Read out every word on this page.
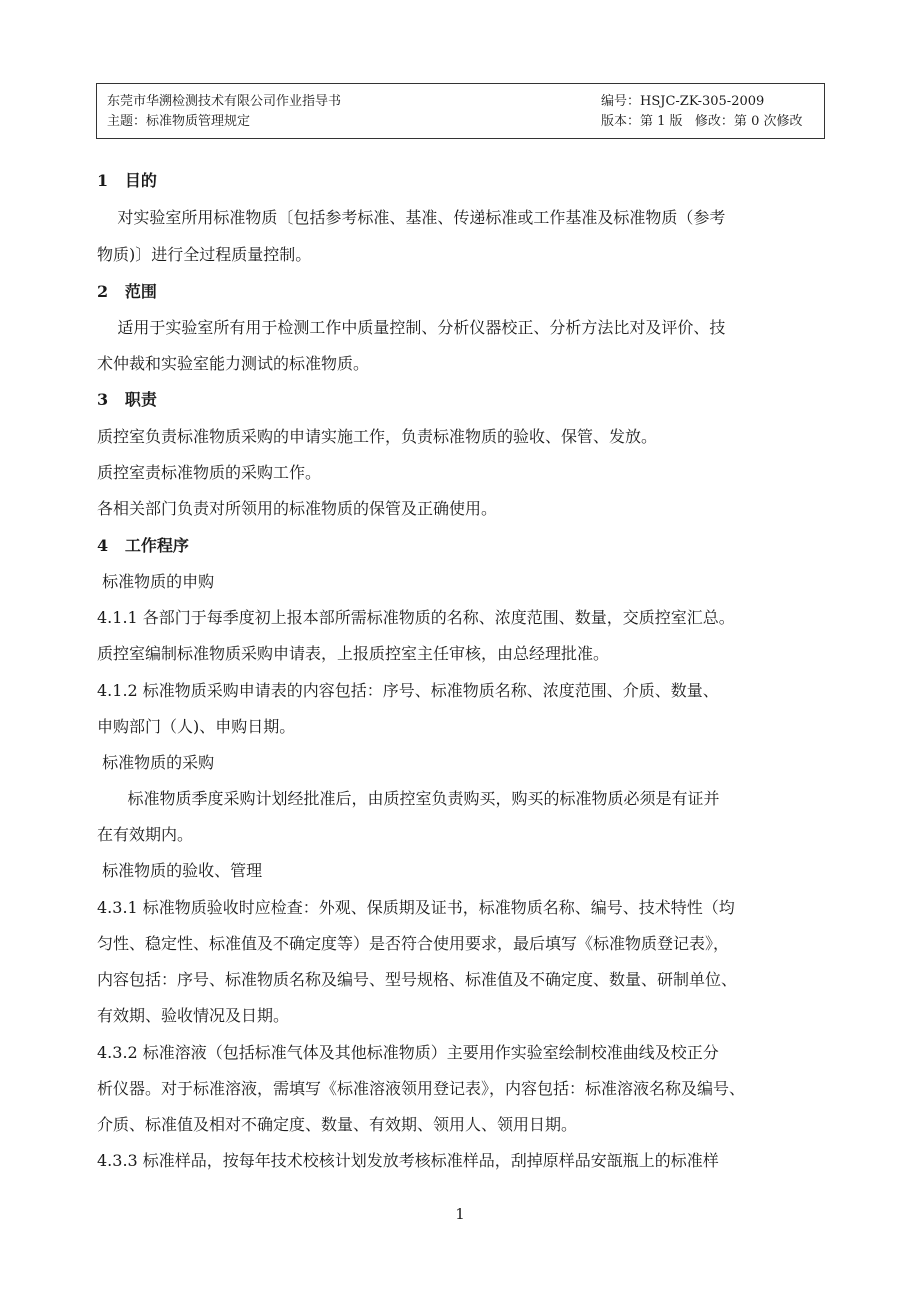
东莞市华溯检测技术有限公司作业指导书	编号：HSJC-ZK-305-2009
主题：标准物质管理规定	版本：第 1 版   修改：第 0 次修改
1   目的
对实验室所用标准物质〔包括参考标准、基准、传递标准或工作基准及标准物质（参考
物质)〕进行全过程质量控制。
2   范围
适用于实验室所有用于检测工作中质量控制、分析仪器校正、分析方法比对及评价、技
术仲裁和实验室能力测试的标准物质。
3   职责
质控室负责标准物质采购的申请实施工作，负责标准物质的验收、保管、发放。
质控室责标准物质的采购工作。
各相关部门负责对所领用的标准物质的保管及正确使用。
4   工作程序
标准物质的申购
4.1.1 各部门于每季度初上报本部所需标准物质的名称、浓度范围、数量，交质控室汇总。
质控室编制标准物质采购申请表，上报质控室主任审核，由总经理批准。
4.1.2 标准物质采购申请表的内容包括：序号、标准物质名称、浓度范围、介质、数量、
申购部门（人)、申购日期。
标准物质的采购
标准物质季度采购计划经批准后，由质控室负责购买，购买的标准物质必须是有证并
在有效期内。
标准物质的验收、管理
4.3.1 标准物质验收时应检查：外观、保质期及证书，标准物质名称、编号、技术特性（均
匀性、稳定性、标准值及不确定度等）是否符合使用要求，最后填写《标准物质登记表》，
内容包括：序号、标准物质名称及编号、型号规格、标准值及不确定度、数量、研制单位、
有效期、验收情况及日期。
4.3.2 标准溶液（包括标准气体及其他标准物质）主要用作实验室绘制校准曲线及校正分
析仪器。对于标准溶液，需填写《标准溶液领用登记表》，内容包括：标准溶液名称及编号、
介质、标准值及相对不确定度、数量、有效期、领用人、领用日期。
4.3.3 标准样品，按每年技术校核计划发放考核标准样品，刮掉原样品安瓿瓶上的标准样
1
